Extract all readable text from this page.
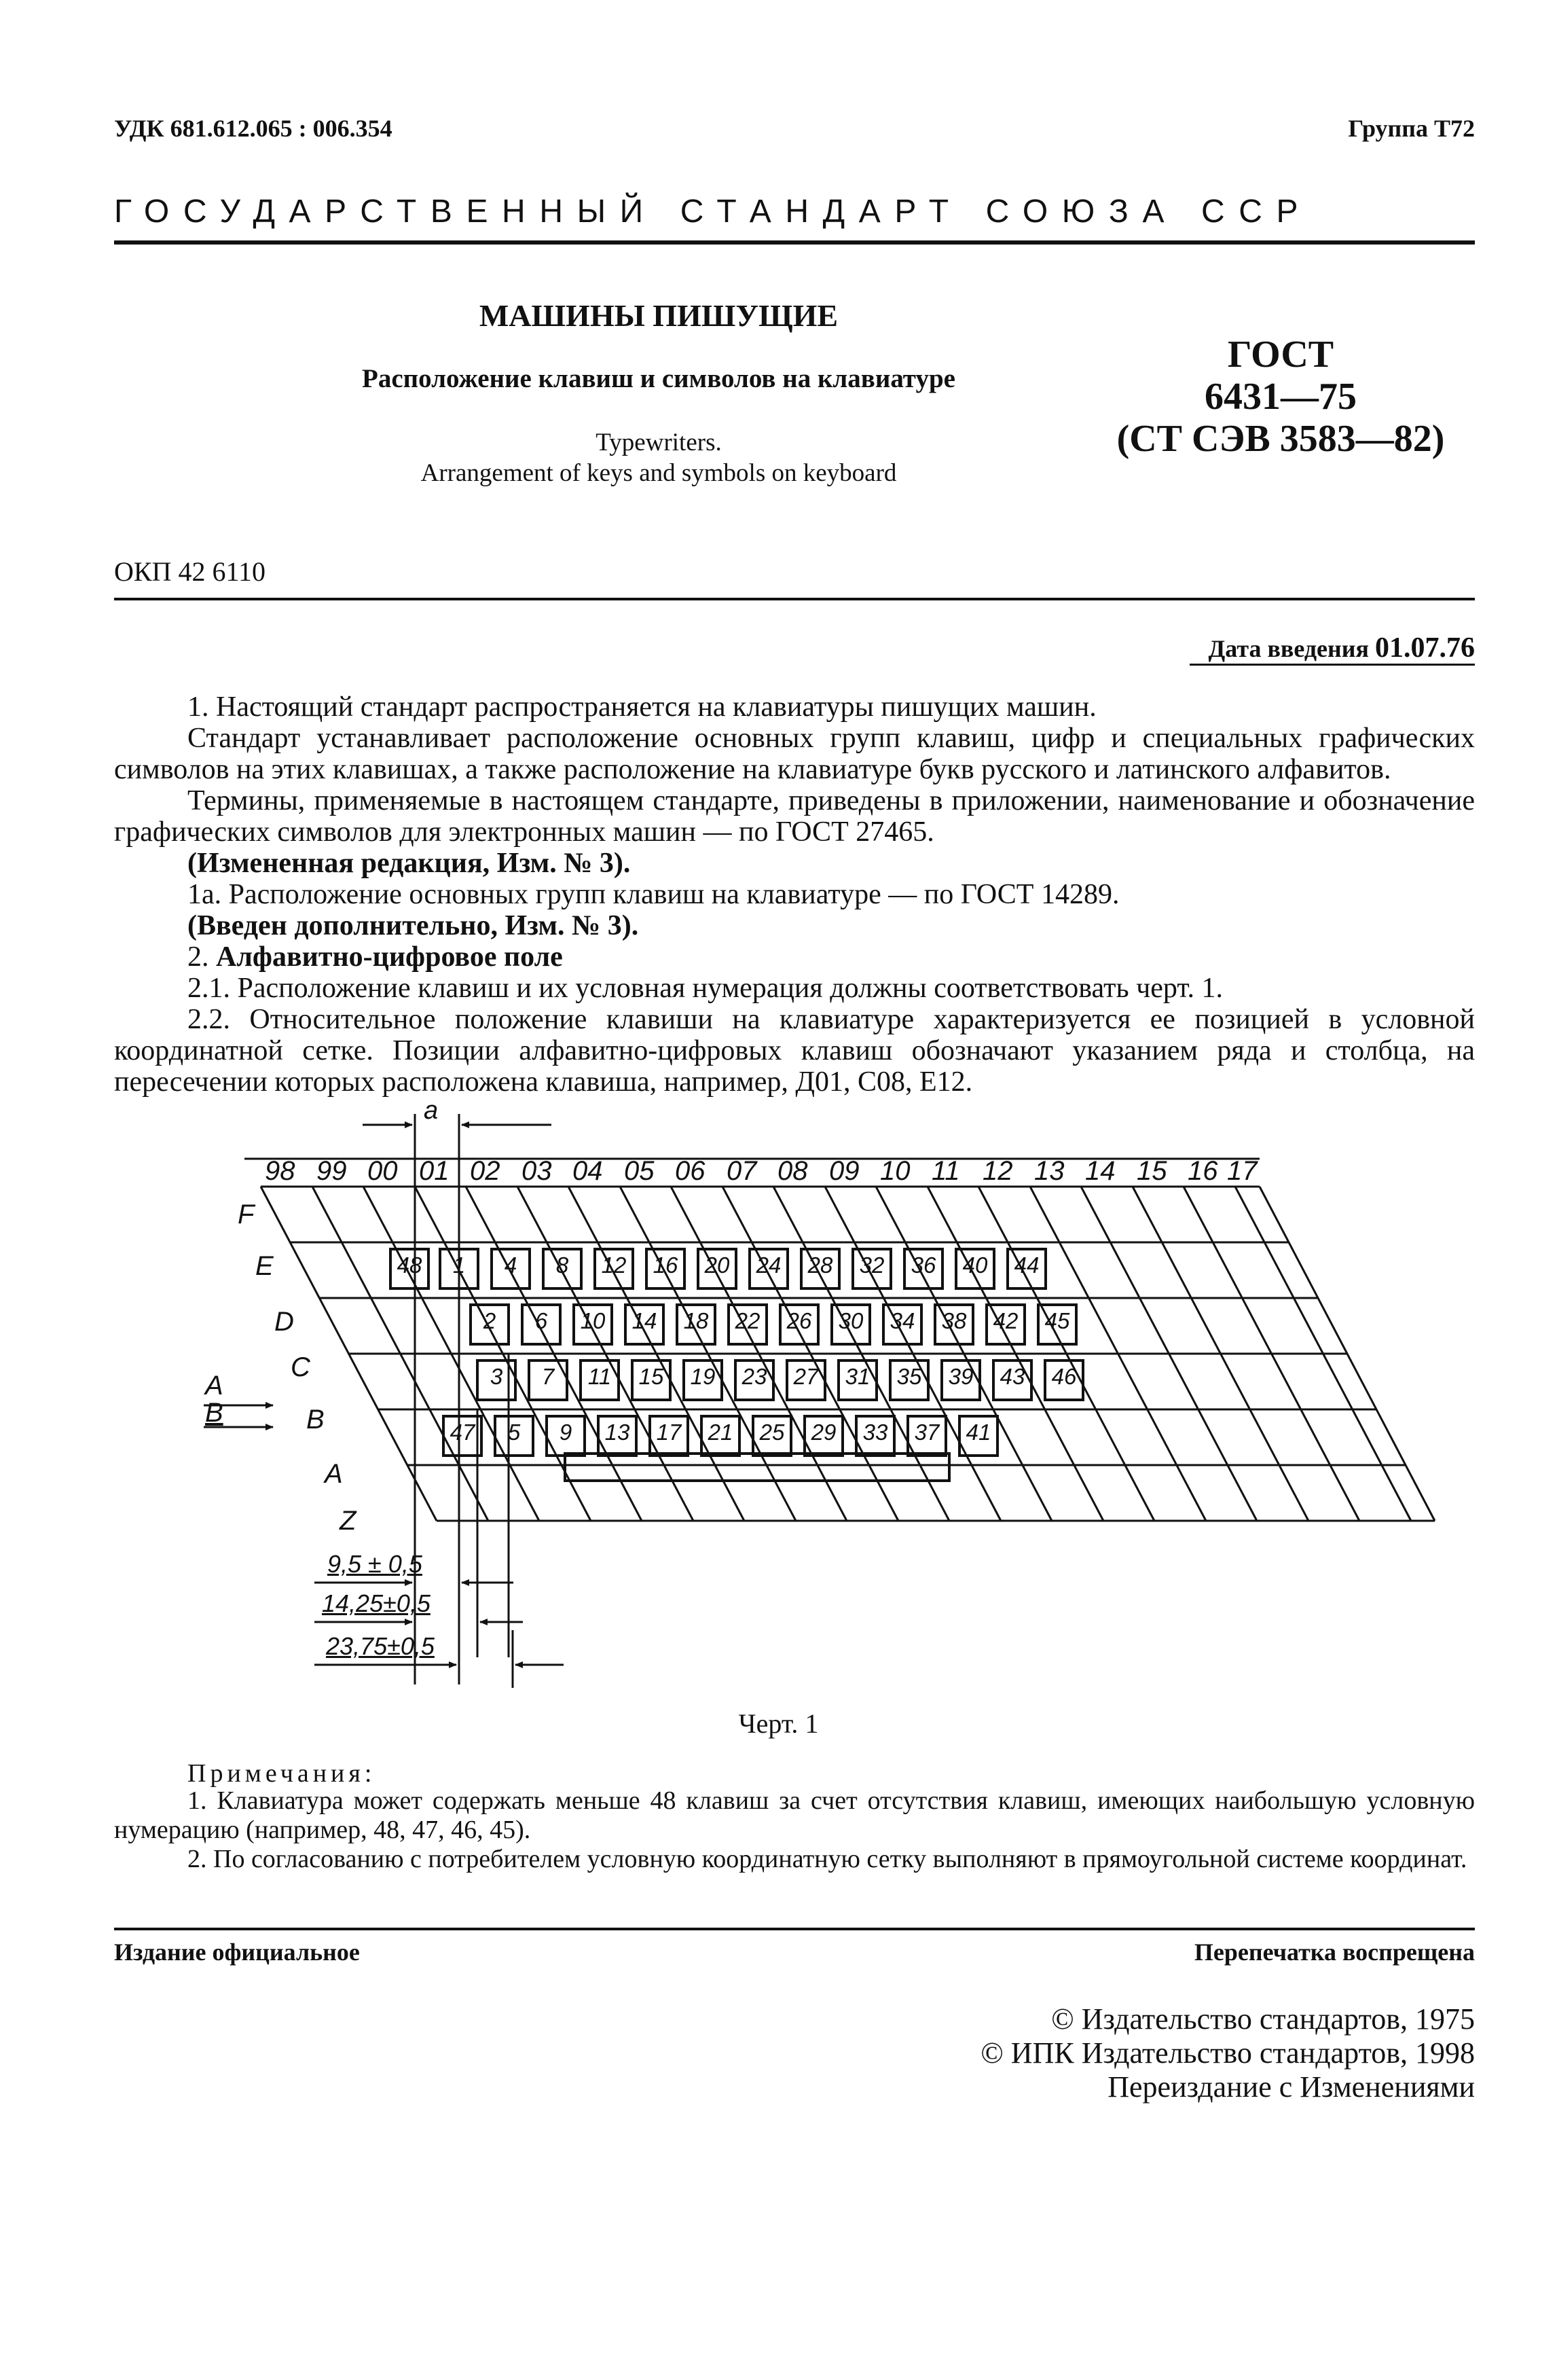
УДК 681.612.065 : 006.354	Группа Т72
ГОСУДАРСТВЕННЫЙ СТАНДАРТ СОЮЗА ССР
МАШИНЫ ПИШУЩИЕ
Расположение клавиш и символов на клавиатуре
Typewriters.
Arrangement of keys and symbols on keyboard
ГОСТ
6431—75
(СТ СЭВ 3583—82)
ОКП 42 6110
Дата введения 01.07.76
1. Настоящий стандарт распространяется на клавиатуры пишущих машин.
Стандарт устанавливает расположение основных групп клавиш, цифр и специальных графических символов на этих клавишах, а также расположение на клавиатуре букв русского и латинского алфавитов.
Термины, применяемые в настоящем стандарте, приведены в приложении, наименование и обозначение графических символов для электронных машин — по ГОСТ 27465.
(Измененная редакция, Изм. № 3).
1а. Расположение основных групп клавиш на клавиатуре — по ГОСТ 14289.
(Введен дополнительно, Изм. № 3).
2. Алфавитно-цифровое поле
2.1. Расположение клавиш и их условная нумерация должны соответствовать черт. 1.
2.2. Относительное положение клавиши на клавиатуре характеризуется ее позицией в условной координатной сетке. Позиции алфавитно-цифровых клавиш обозначают указанием ряда и столбца, на пересечении которых расположена клавиша, например, Д01, С08, Е12.
a
98 99 00 01 02 03 04 05 06 07 08 09 10 11 12 13 14 15 16 17
F
E
D
C
B
A
Z
A
B
48	1	4	8	12 16 20 24 28 32 36 40 44
2	6	10 14 18 22 26 30 34 38 42 45
3	7	11	15 19 23 27 31 35 39 43 46
47	5	9	13 17 21 25 29 33 37 41
9,5 ± 0,5
14,25±0,5
23,75±0,5
Черт. 1
Примечания:
1. Клавиатура может содержать меньше 48 клавиш за счет отсутствия клавиш, имеющих наибольшую условную нумерацию (например, 48, 47, 46, 45).
2. По согласованию с потребителем условную координатную сетку выполняют в прямоугольной системе координат.
Издание официальное	Перепечатка воспрещена
© Издательство стандартов, 1975
© ИПК Издательство стандартов, 1998
Переиздание с Изменениями
